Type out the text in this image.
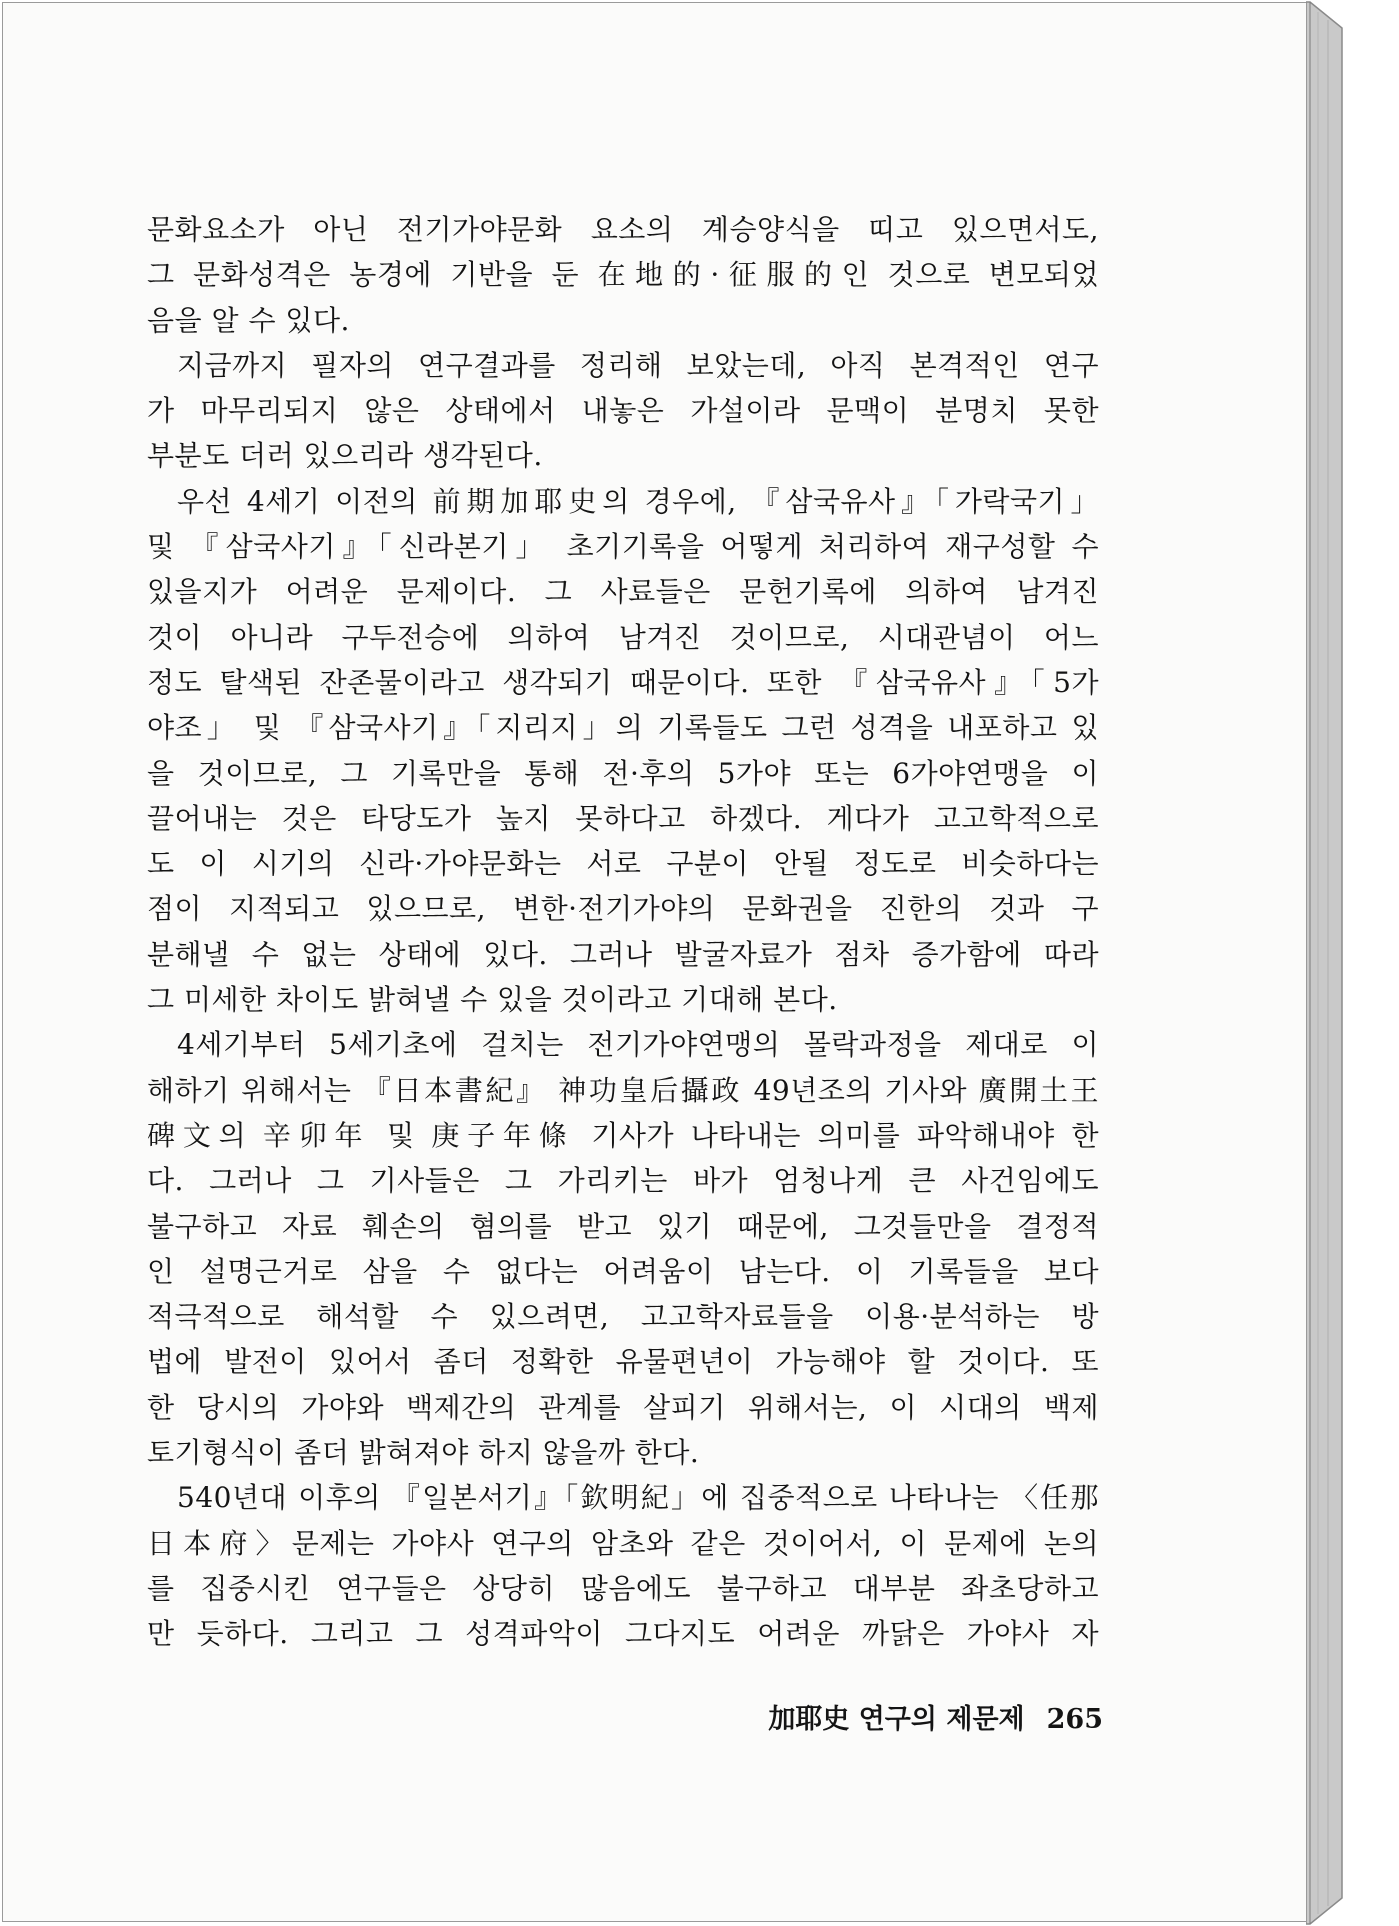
문화요소가 아닌 전기가야문화 요소의 계승양식을 띠고 있으면서도,
그 문화성격은 농경에 기반을 둔 在地的·征服的인 것으로 변모되었
음을 알 수 있다.
지금까지 필자의 연구결과를 정리해 보았는데, 아직 본격적인 연구
가 마무리되지 않은 상태에서 내놓은 가설이라 문맥이 분명치 못한
부분도 더러 있으리라 생각된다.
우선 4세기 이전의 前期加耶史의 경우에, 『삼국유사』「가락국기」
및 『삼국사기』「신라본기」 초기기록을 어떻게 처리하여 재구성할 수
있을지가 어려운 문제이다. 그 사료들은 문헌기록에 의하여 남겨진
것이 아니라 구두전승에 의하여 남겨진 것이므로, 시대관념이 어느
정도 탈색된 잔존물이라고 생각되기 때문이다. 또한 『삼국유사』「5가
야조」 및 『삼국사기』「지리지」의 기록들도 그런 성격을 내포하고 있
을 것이므로, 그 기록만을 통해 전·후의 5가야 또는 6가야연맹을 이
끌어내는 것은 타당도가 높지 못하다고 하겠다. 게다가 고고학적으로
도 이 시기의 신라·가야문화는 서로 구분이 안될 정도로 비슷하다는
점이 지적되고 있으므로, 변한·전기가야의 문화권을 진한의 것과 구
분해낼 수 없는 상태에 있다. 그러나 발굴자료가 점차 증가함에 따라
그 미세한 차이도 밝혀낼 수 있을 것이라고 기대해 본다.
4세기부터 5세기초에 걸치는 전기가야연맹의 몰락과정을 제대로 이
해하기 위해서는 『日本書紀』 神功皇后攝政 49년조의 기사와 廣開土王
碑文의 辛卯年 및 庚子年條 기사가 나타내는 의미를 파악해내야 한
다. 그러나 그 기사들은 그 가리키는 바가 엄청나게 큰 사건임에도
불구하고 자료 훼손의 혐의를 받고 있기 때문에, 그것들만을 결정적
인 설명근거로 삼을 수 없다는 어려움이 남는다. 이 기록들을 보다
적극적으로 해석할 수 있으려면, 고고학자료들을 이용·분석하는 방
법에 발전이 있어서 좀더 정확한 유물편년이 가능해야 할 것이다. 또
한 당시의 가야와 백제간의 관계를 살피기 위해서는, 이 시대의 백제
토기형식이 좀더 밝혀져야 하지 않을까 한다.
540년대 이후의 『일본서기』「欽明紀」에 집중적으로 나타나는 〈任那
日本府〉문제는 가야사 연구의 암초와 같은 것이어서, 이 문제에 논의
를 집중시킨 연구들은 상당히 많음에도 불구하고 대부분 좌초당하고
만 듯하다. 그리고 그 성격파악이 그다지도 어려운 까닭은 가야사 자
加耶史 연구의 제문제 265
